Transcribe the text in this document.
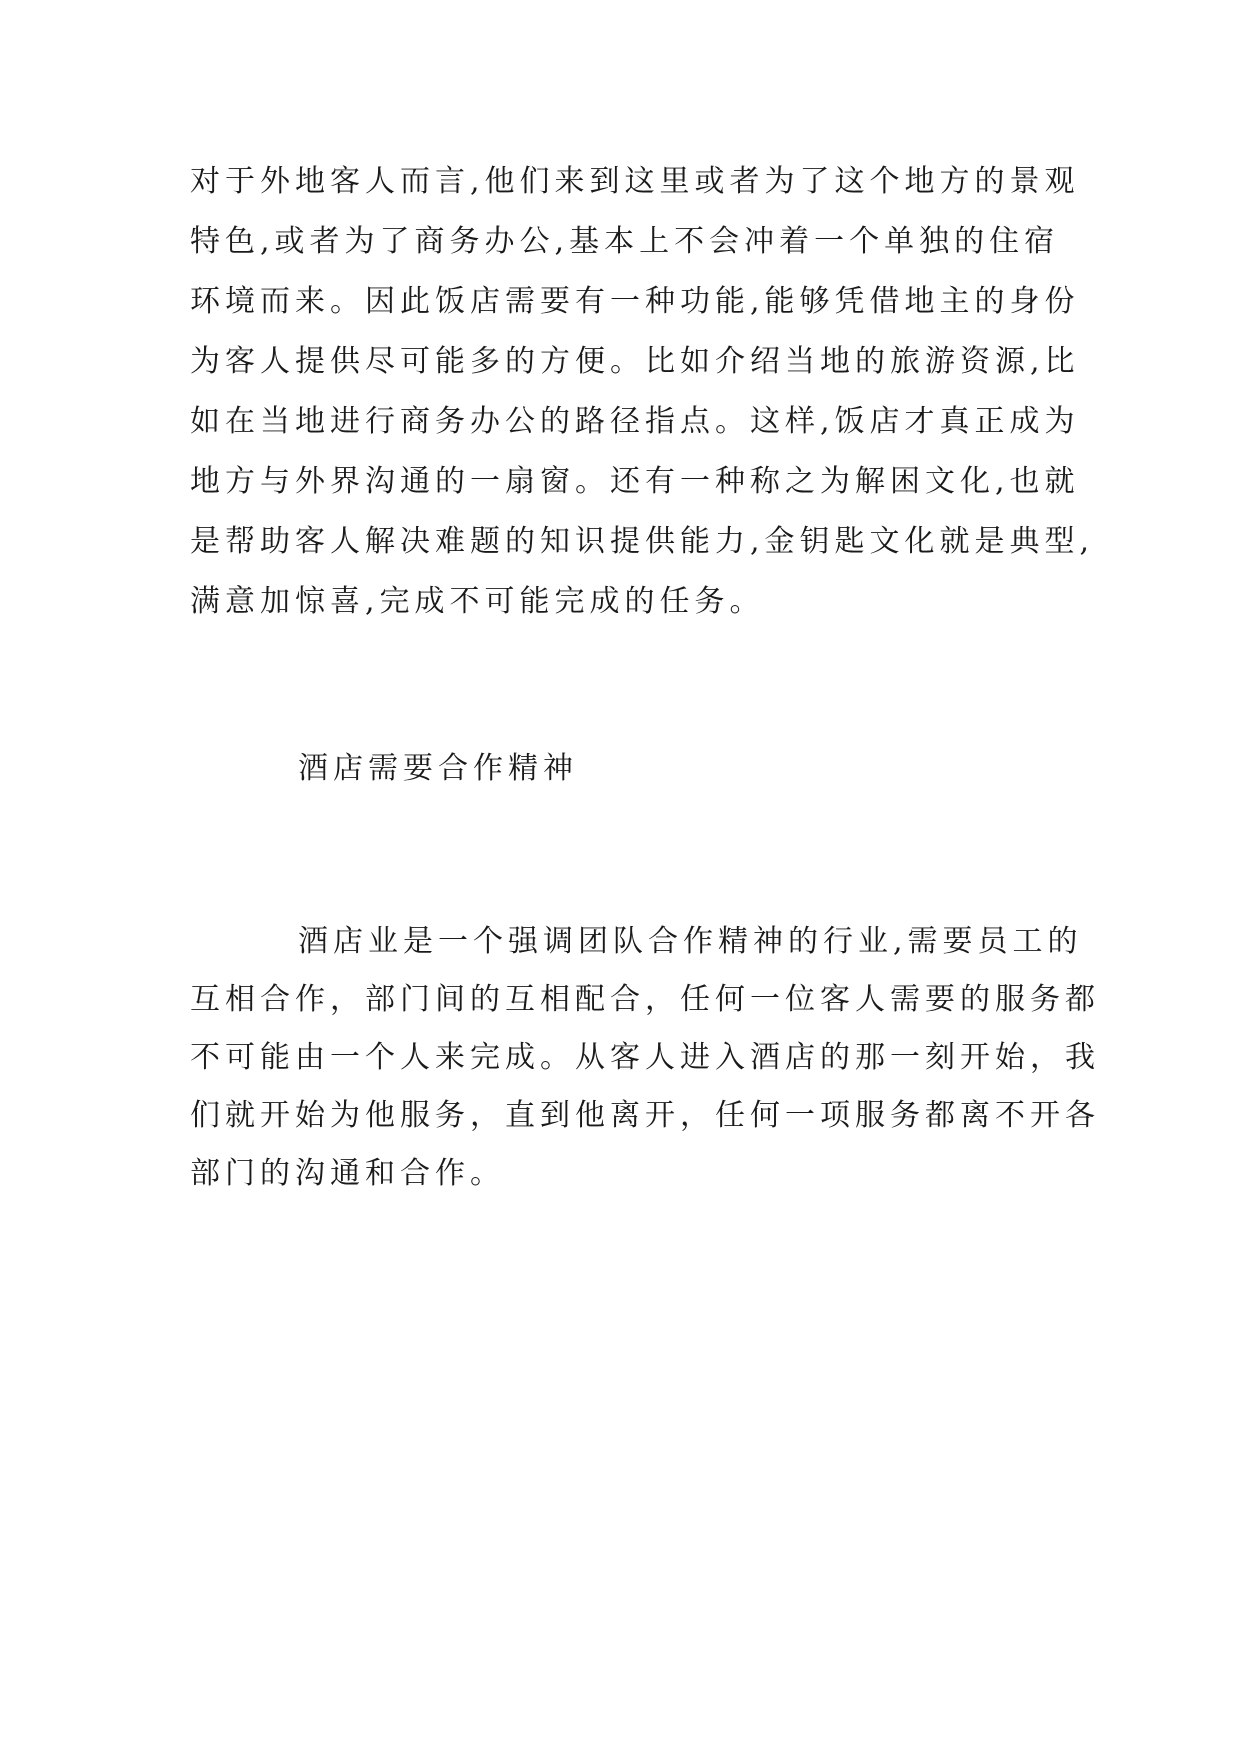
对于外地客人而言,他们来到这里或者为了这个地方的景观
特色,或者为了商务办公,基本上不会冲着一个单独的住宿
环境而来。因此饭店需要有一种功能,能够凭借地主的身份
为客人提供尽可能多的方便。比如介绍当地的旅游资源,比
如在当地进行商务办公的路径指点。这样,饭店才真正成为
地方与外界沟通的一扇窗。还有一种称之为解困文化,也就
是帮助客人解决难题的知识提供能力,金钥匙文化就是典型,
满意加惊喜,完成不可能完成的任务。
酒店需要合作精神
酒店业是一个强调团队合作精神的行业,需要员工的
互相合作，部门间的互相配合，任何一位客人需要的服务都
不可能由一个人来完成。从客人进入酒店的那一刻开始，我
们就开始为他服务，直到他离开，任何一项服务都离不开各
部门的沟通和合作。
